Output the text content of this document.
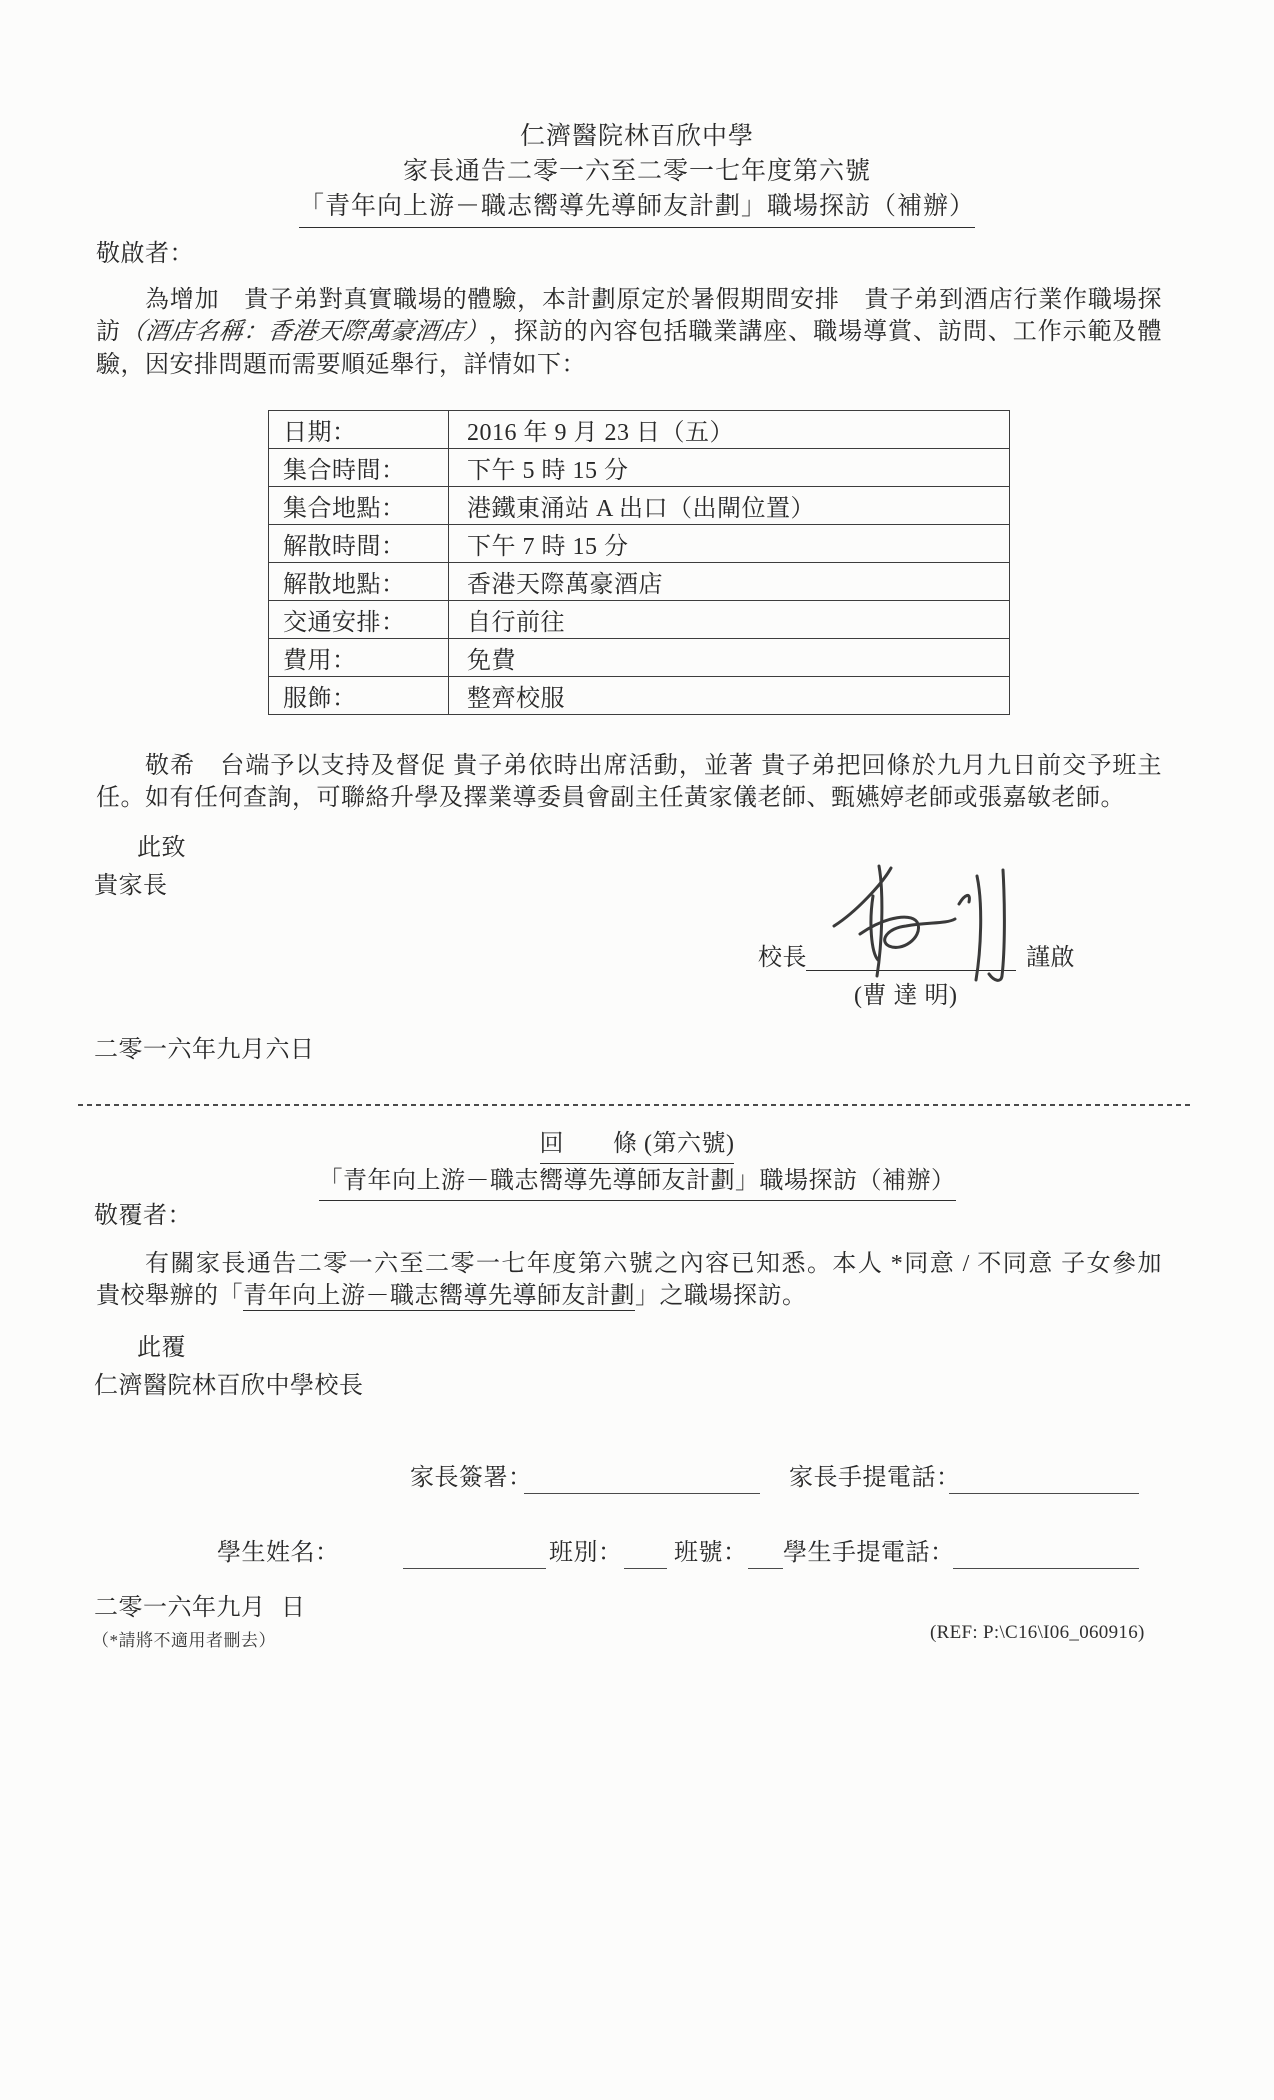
仁濟醫院林百欣中學
家長通告二零一六至二零一七年度第六號
「青年向上游－職志嚮導先導師友計劃」職場探訪（補辦）
敬啟者：
為增加　貴子弟對真實職場的體驗，本計劃原定於暑假期間安排　貴子弟到酒店行業作職場探
訪（酒店名稱：香港天際萬豪酒店），探訪的內容包括職業講座、職場導賞、訪問、工作示範及體
驗，因安排問題而需要順延舉行，詳情如下：
日期：	2016 年 9 月 23 日（五）
集合時間：	下午 5 時 15 分
集合地點：	港鐵東涌站 A 出口（出閘位置）
解散時間：	下午 7 時 15 分
解散地點：	香港天際萬豪酒店
交通安排：	自行前往
費用：	免費
服飾：	整齊校服
敬希　台端予以支持及督促 貴子弟依時出席活動，並著 貴子弟把回條於九月九日前交予班主
任。如有任何查詢，可聯絡升學及擇業導委員會副主任黃家儀老師、甄嬿婷老師或張嘉敏老師。
此致
貴家長
校長	謹啟
(曹 達 明)
二零一六年九月六日
回　　條 (第六號)
「青年向上游－職志嚮導先導師友計劃」職場探訪（補辦）
敬覆者：
有關家長通告二零一六至二零一七年度第六號之內容已知悉。本人 *同意 / 不同意 子女參加
貴校舉辦的「青年向上游－職志嚮導先導師友計劃」之職場探訪。
此覆
仁濟醫院林百欣中學校長
家長簽署：	家長手提電話：
學生姓名：	班別： 班號： 學生手提電話：
二零一六年九月 日
（*請將不適用者刪去）	(REF: P:\C16\I06_060916)
